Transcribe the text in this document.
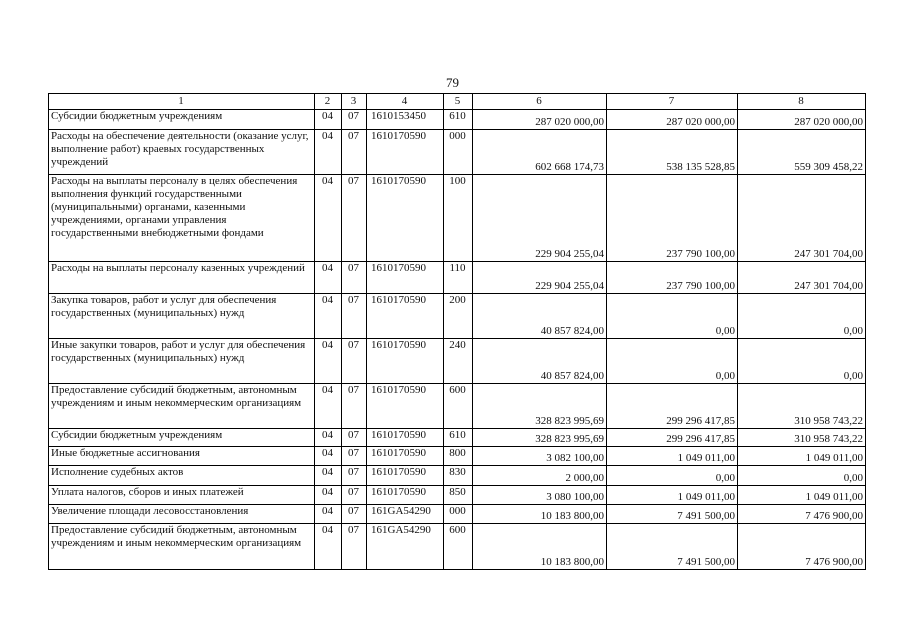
79
1	2	3	4	5	6	7	8
Субсидии бюджетным учреждениям	04	07	1610153450	610	287 020 000,00	287 020 000,00	287 020 000,00
Расходы на обеспечение деятельности (оказание услуг, выполнение работ) краевых государственных учреждений	04	07	1610170590	000	602 668 174,73	538 135 528,85	559 309 458,22
Расходы на выплаты персоналу в целях обеспечения выполнения функций государственными (муниципальными) органами, казенными учреждениями, органами управления государственными внебюджетными фондами	04	07	1610170590	100	229 904 255,04	237 790 100,00	247 301 704,00
Расходы на выплаты персоналу казенных учреждений	04	07	1610170590	110	229 904 255,04	237 790 100,00	247 301 704,00
Закупка товаров, работ и услуг для обеспечения государственных (муниципальных) нужд	04	07	1610170590	200	40 857 824,00	0,00	0,00
Иные закупки товаров, работ и услуг для обеспечения государственных (муниципальных) нужд	04	07	1610170590	240	40 857 824,00	0,00	0,00
Предоставление субсидий бюджетным, автономным учреждениям и иным некоммерческим организациям	04	07	1610170590	600	328 823 995,69	299 296 417,85	310 958 743,22
Субсидии бюджетным учреждениям	04	07	1610170590	610	328 823 995,69	299 296 417,85	310 958 743,22
Иные бюджетные ассигнования	04	07	1610170590	800	3 082 100,00	1 049 011,00	1 049 011,00
Исполнение судебных актов	04	07	1610170590	830	2 000,00	0,00	0,00
Уплата налогов, сборов и иных платежей	04	07	1610170590	850	3 080 100,00	1 049 011,00	1 049 011,00
Увеличение площади лесовосстановления	04	07	161GA54290	000	10 183 800,00	7 491 500,00	7 476 900,00
Предоставление субсидий бюджетным, автономным учреждениям и иным некоммерческим организациям	04	07	161GA54290	600	10 183 800,00	7 491 500,00	7 476 900,00
